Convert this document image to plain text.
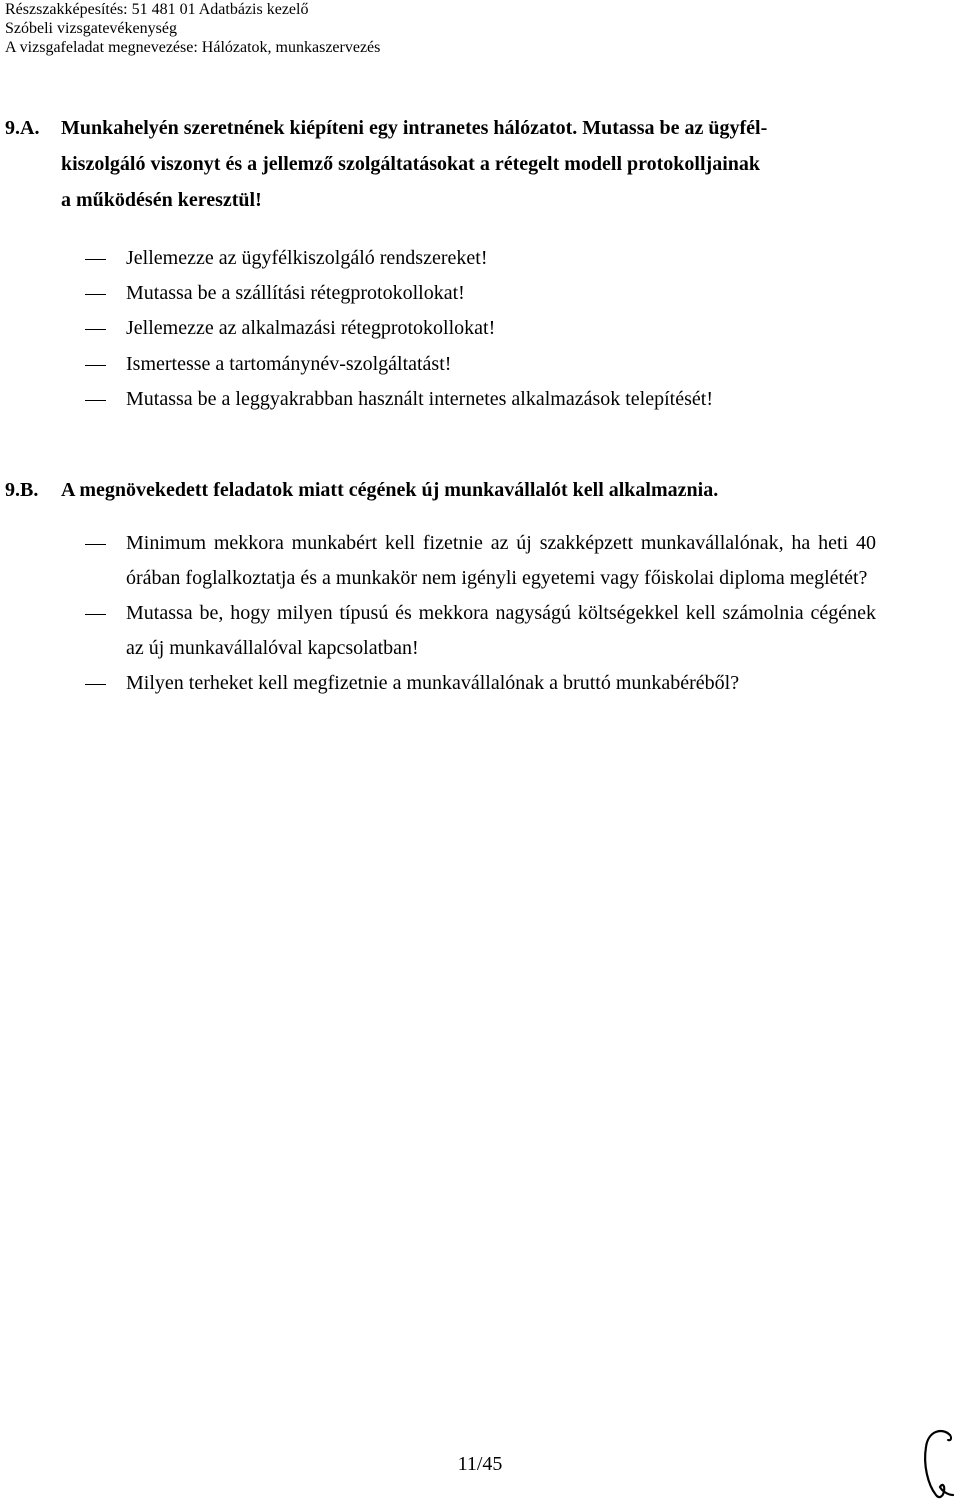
Részszakképesítés: 51 481 01 Adatbázis kezelő
Szóbeli vizsgatevékenység
A vizsgafeladat megnevezése: Hálózatok, munkaszervezés
9.A. Munkahelyén szeretnének kiépíteni egy intranetes hálózatot. Mutassa be az ügyfél-
kiszolgáló viszonyt és a jellemző szolgáltatásokat a rétegelt modell protokolljainak
a működésén keresztül!
Jellemezze az ügyfélkiszolgáló rendszereket!
Mutassa be a szállítási rétegprotokollokat!
Jellemezze az alkalmazási rétegprotokollokat!
Ismertesse a tartománynév-szolgáltatást!
Mutassa be a leggyakrabban használt internetes alkalmazások telepítését!
9.B. A megnövekedett feladatok miatt cégének új munkavállalót kell alkalmaznia.
Minimum mekkora munkabért kell fizetnie az új szakképzett munkavállalónak, ha heti 40 órában foglalkoztatja és a munkakör nem igényli egyetemi vagy főiskolai diploma meglétét?
Mutassa be, hogy milyen típusú és mekkora nagyságú költségekkel kell számolnia cégének az új munkavállalóval kapcsolatban!
Milyen terheket kell megfizetnie a munkavállalónak a bruttó munkabéréből?
11/45
